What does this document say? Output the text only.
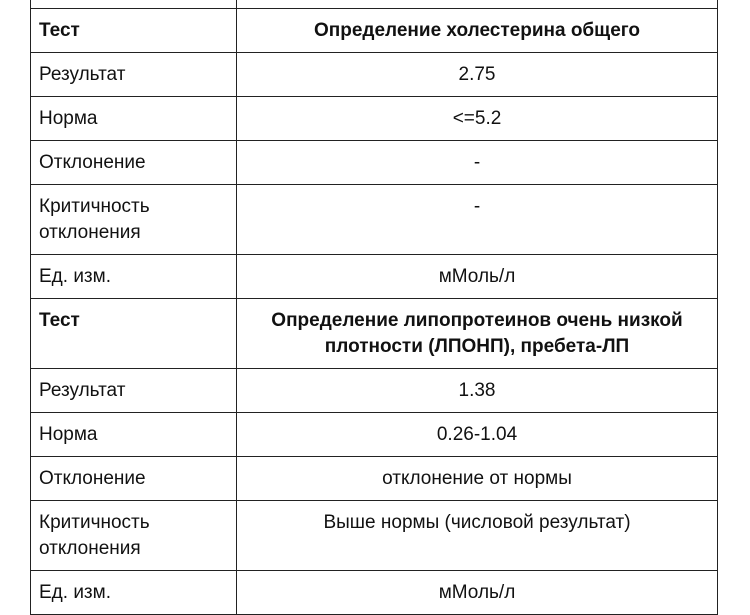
Тест	Определение холестерина общего
Результат	2.75
Норма	<=5.2
Отклонение	-
Критичность отклонения	-
Ед. изм.	мМоль/л
Тест	Определение липопротеинов очень низкой плотности (ЛПОНП), пребета-ЛП
Результат	1.38
Норма	0.26-1.04
Отклонение	отклонение от нормы
Критичность отклонения	Выше нормы (числовой результат)
Ед. изм.	мМоль/л
